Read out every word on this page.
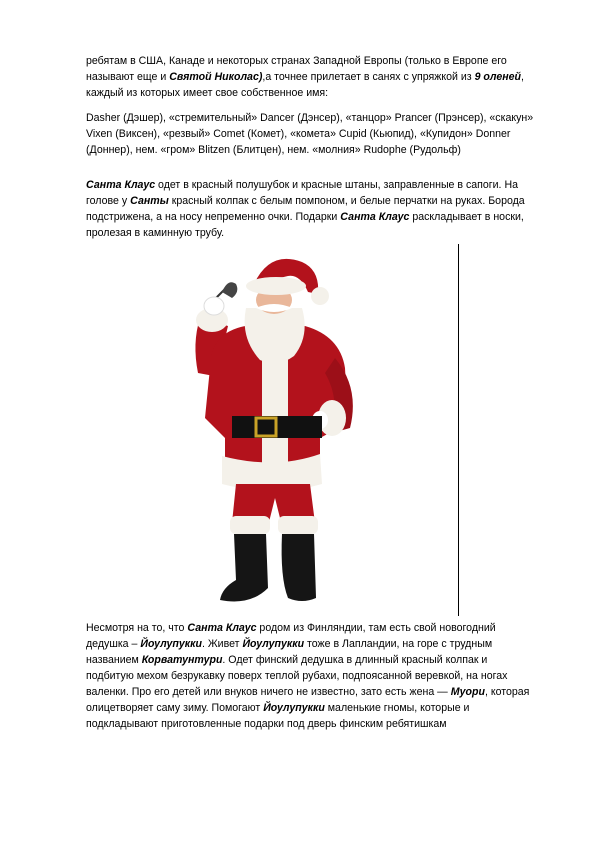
ребятам в США, Канаде и некоторых странах Западной Европы (только в Европе его называют еще и Святой Николас),а точнее прилетает в санях с упряжкой из 9 оленей, каждый из которых имеет свое собственное имя:

Dasher (Дэшер), «стремительный» Dancer (Дэнсер), «танцор» Prancer (Прэнсер), «скакун» Vixen (Виксен), «резвый» Comet (Комет), «комета» Cupid (Кьюпид), «Купидон» Donner (Доннер), нем. «гром» Blitzen (Блитцен), нем. «молния» Rudophe (Рудольф)

Санта Клаус одет в красный полушубок и красные штаны, заправленные в сапоги. На голове у Санты красный колпак с белым помпоном, и белые перчатки на руках. Борода подстрижена, а на носу непременно очки. Подарки Санта Клаус раскладывает в носки, пролезая в каминную трубу.

Несмотря на то, что Санта Клаус родом из Финляндии, там есть свой новогодний дедушка – Йоулупукки. Живет Йоулупукки тоже в Лапландии, на горе с трудным названием Корватунтури. Одет финский дедушка в длинный красный колпак и подбитую мехом безрукавку поверх теплой рубахи, подпоясанной веревкой, на ногах валенки. Про его детей или внуков ничего не известно, зато есть жена — Муори, которая олицетворяет саму зиму. Помогают Йоулупукки маленькие гномы, которые и подкладывают приготовленные подарки под дверь финским ребятишкам
